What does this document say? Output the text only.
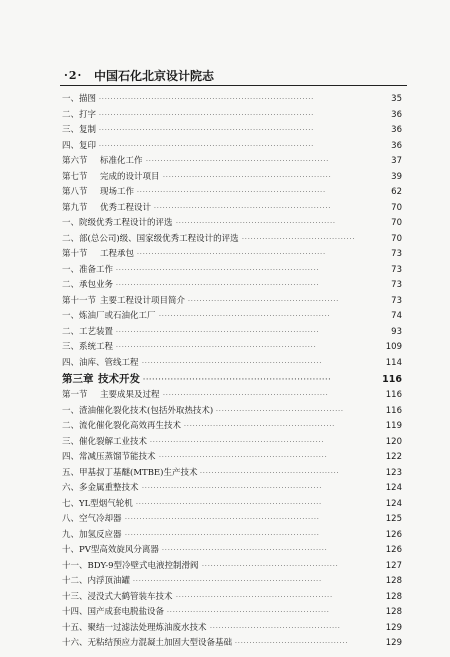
·2· 中国石化北京设计院志
一、描图 ··········································································	35
二、打字 ··········································································	36
三、复制 ··········································································	36
四、复印 ··········································································	36
第六节 标准化工作 ·······························································	37
第七节 完成的设计项目 ··························································	39
第八节 现场工作 ·································································	62
第九节 优秀工程设计 ·····························································	70
一、院级优秀工程设计的评选 ·······················································	70
二、部(总公司)级、国家级优秀工程设计的评选 ·······································	70
第十节 工程承包 ·································································	73
一、准备工作 ······································································	73
二、承包业务 ······································································	73
第十一节 主要工程设计项目简介 ····················································	73
一、炼油厂或石油化工厂 ···························································	74
二、工艺装置 ······································································	93
三、系统工程 ·····································································	109
四、油库、管线工程 ······························································	114
第三章 技术开发 ·····························································	116
第一节 主要成果及过程 ·························································	116
一、渣油催化裂化技术(包括外取热技术) ············································	116
二、流化催化裂化高效再生技术 ····················································	119
三、催化裂解工业技术 ····························································	120
四、常减压蒸馏节能技术 ··························································	122
五、甲基叔丁基醚(MTBE)生产技术 ················································	123
六、多金属重整技术 ······························································	124
七、YL型烟气轮机 ································································	124
八、空气冷却器 ···································································	125
九、加氢反应器 ···································································	126
十、PV型高效旋风分离器 ·························································	126
十一、BDY-9型冷壁式电液控制滑阀 ···············································	127
十二、内浮顶油罐 ·································································	128
十三、浸没式大鹤管装车技术 ······················································	128
十四、国产成套电脱盐设备 ························································	128
十五、聚结一过滤法处理炼油废水技术 ·············································	129
十六、无粘结预应力混凝土加固大型设备基础 ·······································	129
